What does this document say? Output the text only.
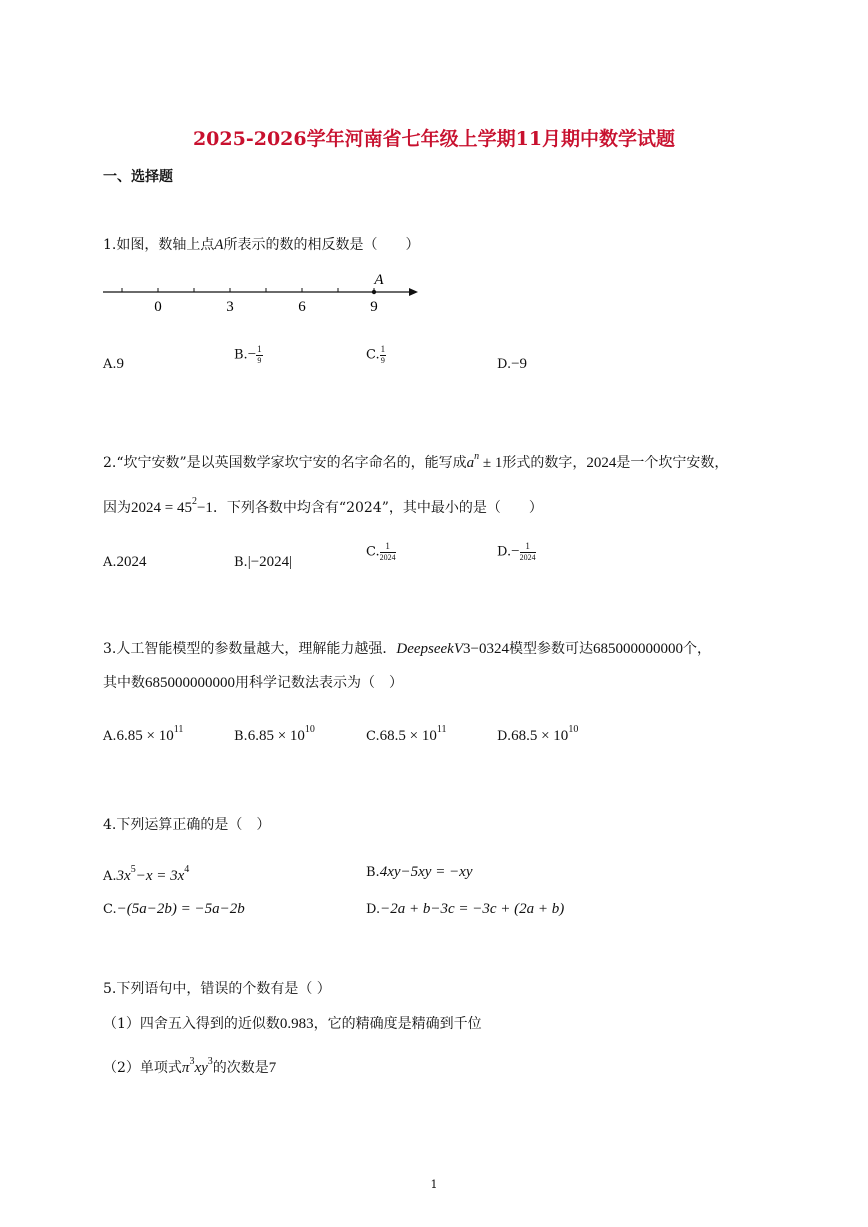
2025-2026学年河南省七年级上学期11月期中数学试题
一、选择题
1.如图，数轴上点A所表示的数的相反数是（　　）
A
0	3	6	9
A.9
$B.- \frac{1}{9}$	C. $\frac{1}{9}$	D.−9
2.“坎宁安数”是以英国数学家坎宁安的名字命名的，能写成$a^n \pm 1$形式的数字，2024是一个坎宁安数，
因为$2024 = 45^2-1$．下列各数中均含有“2024”，其中最小的是（　　）
A.2024	B.|−2024|
C. $\frac{1}{2024}$	$D.- \frac{1}{2024}$
3.人工智能模型的参数量越大，理解能力越强．DeepseekV3−0324模型参数可达685000000000个，
其中数685000000000用科学记数法表示为（　）
$A.6.85 \times 10^{11}$	$B.6.85 \times 10^{10}$	$C.68.5 \times 10^{11}$	$D.68.5 \times 10^{10}$
4.下列运算正确的是（　）
$A.3x^5-x = 3x^4$	B.4xy−5xy = −xy
C.−(5a−2b) = −5a−2b	D.−2a + b−3c = −3c + (2a + b)
5.下列语句中，错误的个数有是（ ）
（1）四舍五入得到的近似数0.983，它的精确度是精确到千位
（2）单项式$\pi^3xy^3$的次数是7
1
